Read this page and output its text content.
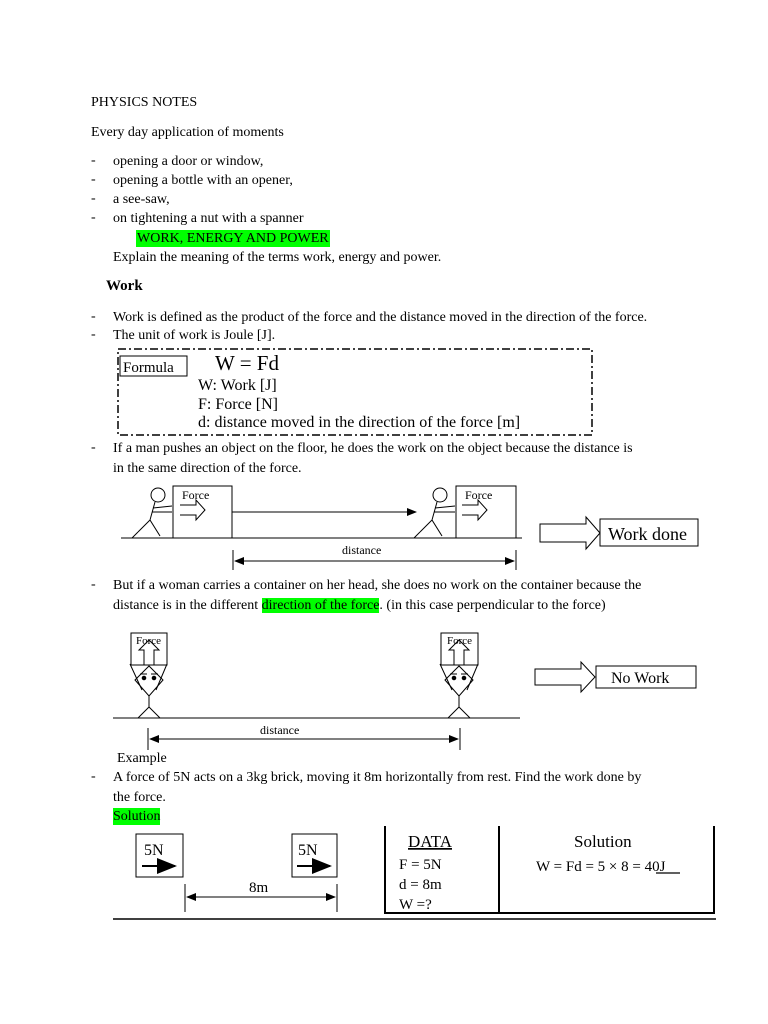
PHYSICS NOTES
Every day application of moments
- opening a door or window,
- opening a bottle with an opener,
- a see-saw,
- on tightening a nut with a spanner
WORK, ENERGY AND POWER
Explain the meaning of the terms work, energy and power.
Work
- Work is defined as the product of the force and the distance moved in the direction of the force.
- The unit of work is Joule [J].
- If a man pushes an object on the floor, he does the work on the object because the distance is
in the same direction of the force.
- But if a woman carries a container on her head, she does no work on the container because the
distance is in the different direction of the force. (in this case perpendicular to the force)
Example
- A force of 5N acts on a 3kg brick, moving it 8m horizontally from rest. Find the work done by
the force.
Solution
Formula W = Fd
W: Work [J]
F: Force [N]
d: distance moved in the direction of the force [m]
Force	Force
distance
Work done
Force	Force
distance
No Work
5N	5N
8m
DATA
F = 5N
d = 8m
W =?
Solution
W = Fd = 5 × 8 = 40J
